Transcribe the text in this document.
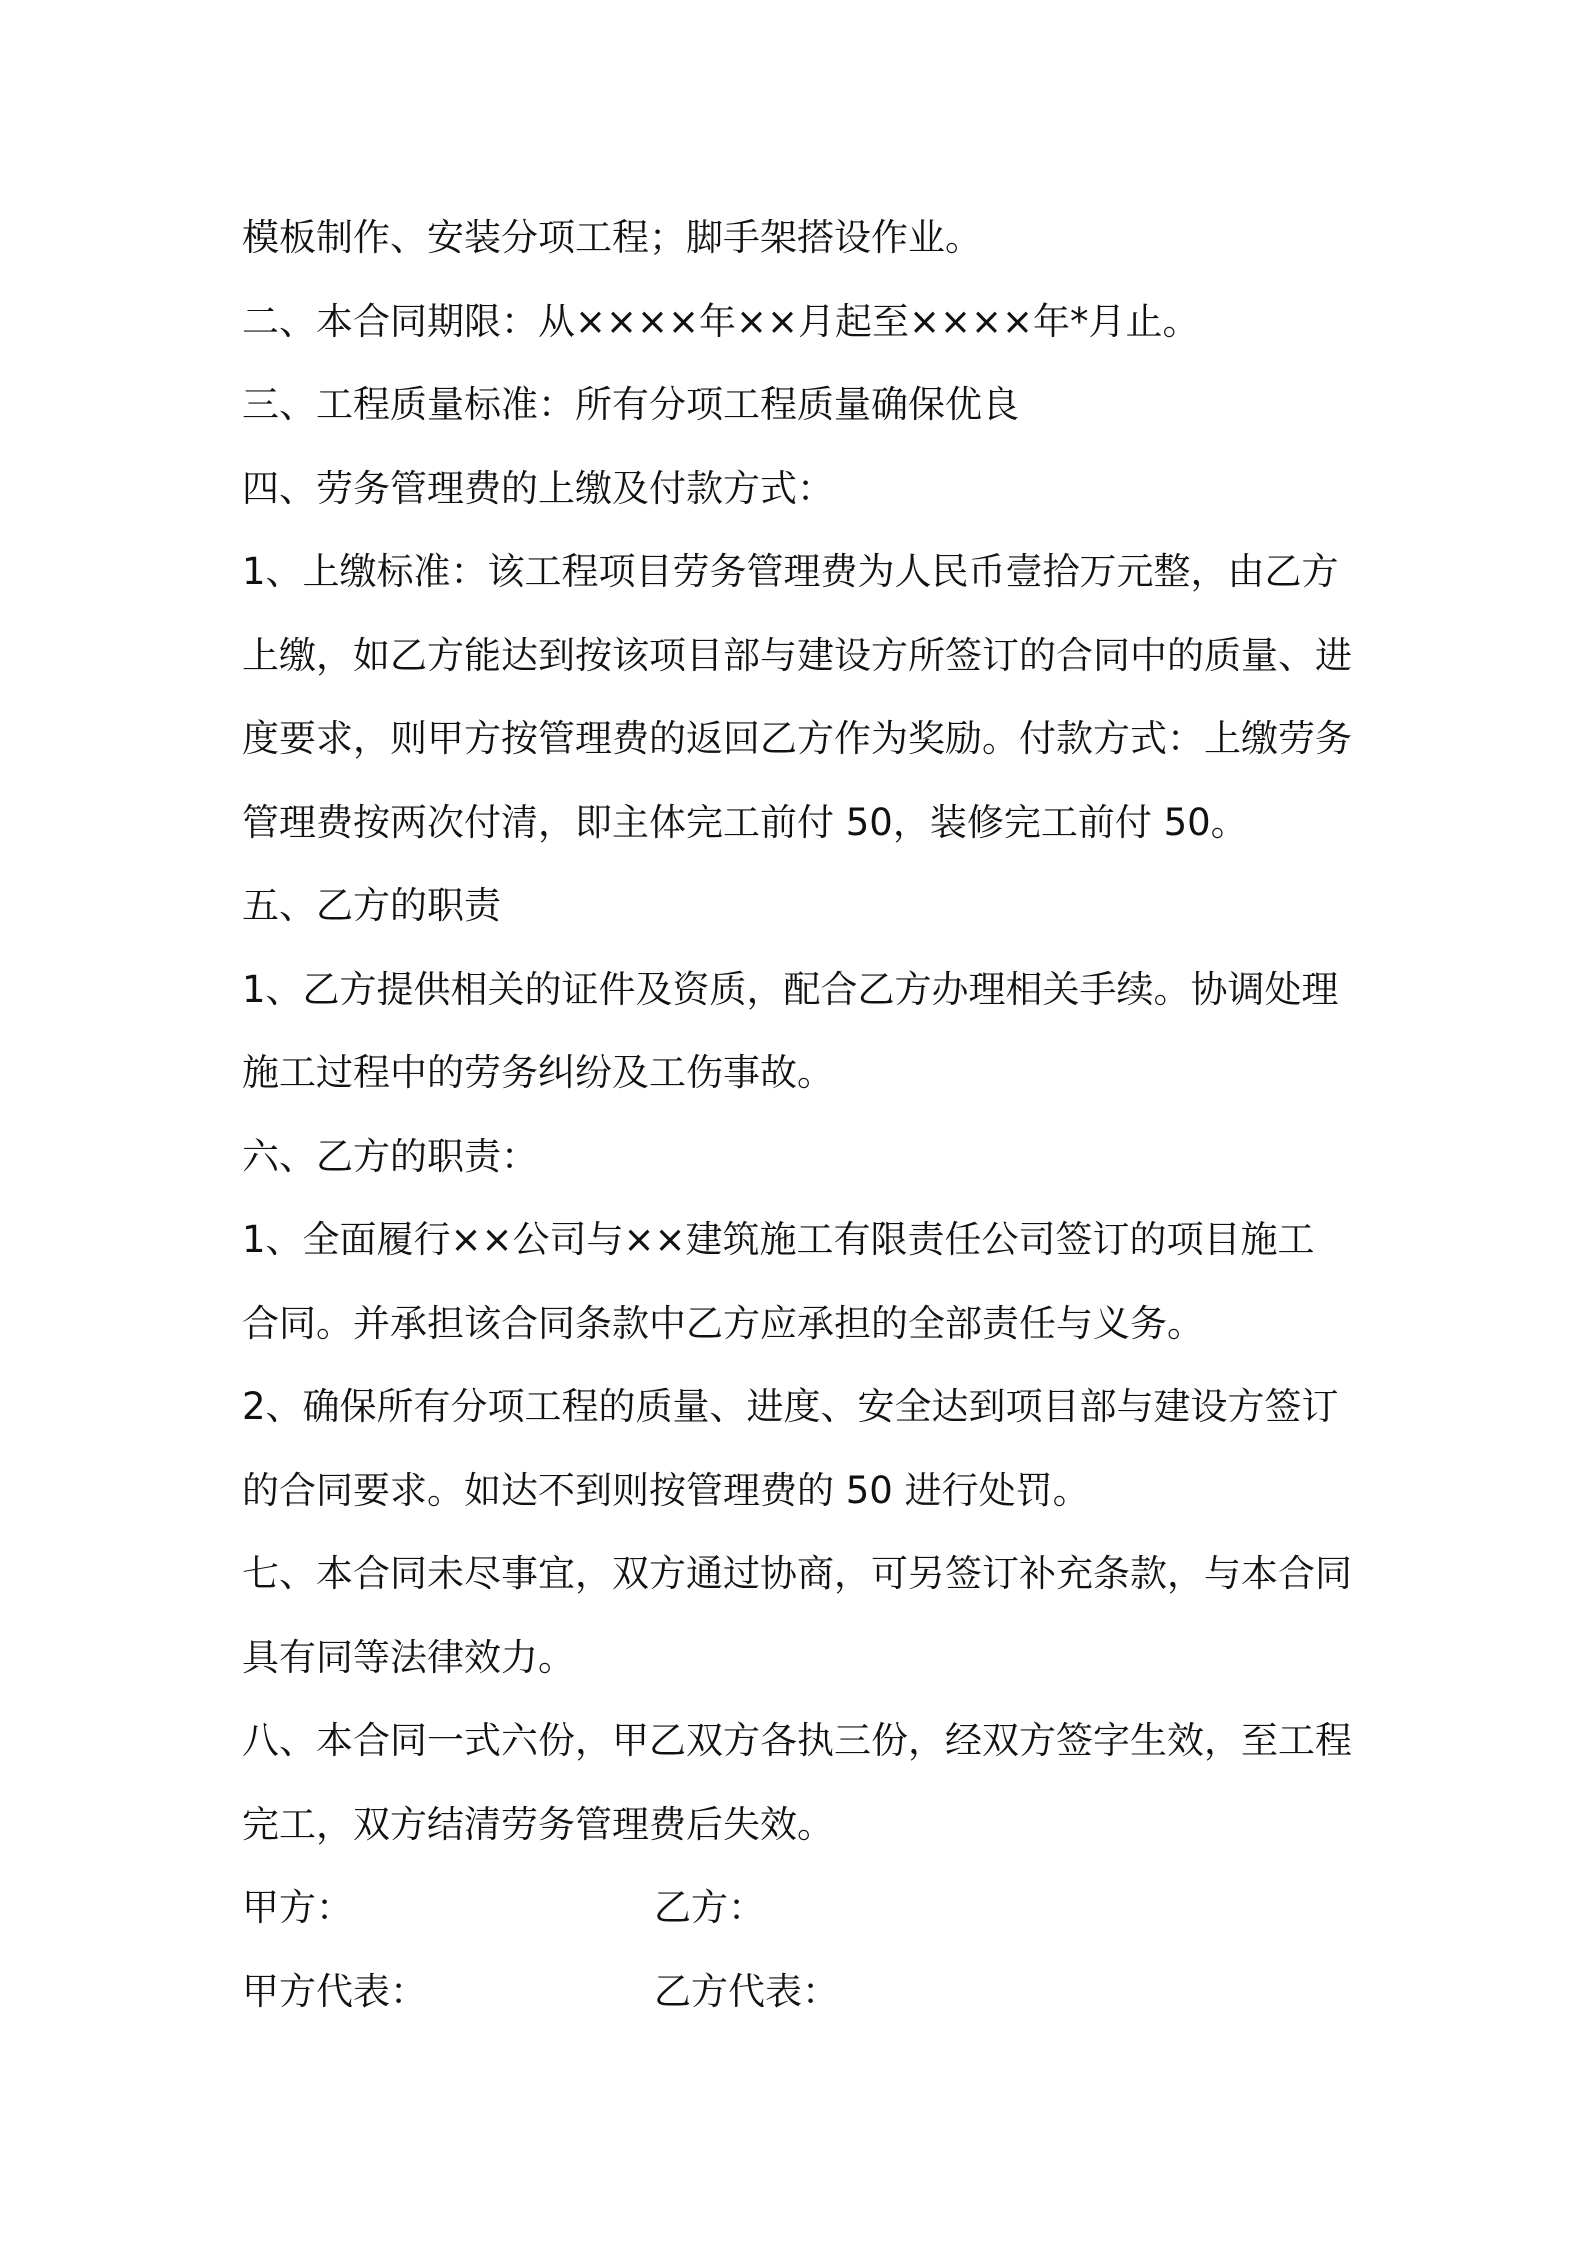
模板制作、安装分项工程；脚手架搭设作业。
二、本合同期限：从××××年××月起至××××年*月止。
三、工程质量标准：所有分项工程质量确保优良
四、劳务管理费的上缴及付款方式：
1、上缴标准：该工程项目劳务管理费为人民币壹拾万元整，由乙方
上缴，如乙方能达到按该项目部与建设方所签订的合同中的质量、进
度要求，则甲方按管理费的返回乙方作为奖励。付款方式：上缴劳务
管理费按两次付清，即主体完工前付 50，装修完工前付 50。
五、乙方的职责
1、乙方提供相关的证件及资质，配合乙方办理相关手续。协调处理
施工过程中的劳务纠纷及工伤事故。
六、乙方的职责：
1、全面履行××公司与××建筑施工有限责任公司签订的项目施工
合同。并承担该合同条款中乙方应承担的全部责任与义务。
2、确保所有分项工程的质量、进度、安全达到项目部与建设方签订
的合同要求。如达不到则按管理费的 50 进行处罚。
七、本合同未尽事宜，双方通过协商，可另签订补充条款，与本合同
具有同等法律效力。
八、本合同一式六份，甲乙双方各执三份，经双方签字生效，至工程
完工，双方结清劳务管理费后失效。
甲方：	乙方：
甲方代表：	乙方代表：
